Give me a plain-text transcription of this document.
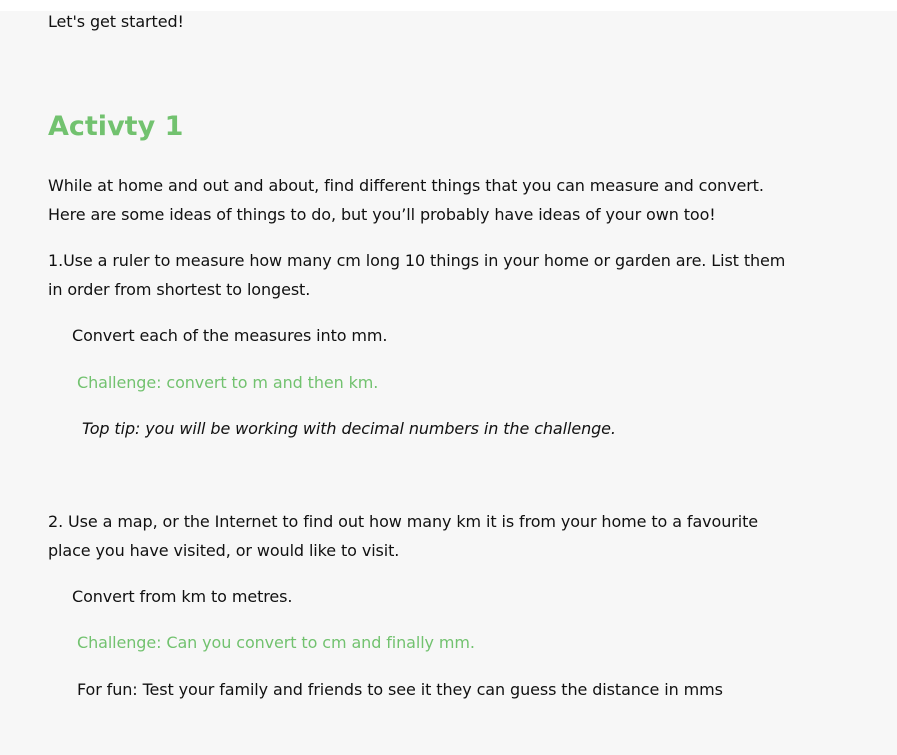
Let's get started!
Activty 1
While at home and out and about, find different things that you can measure and convert.
Here are some ideas of things to do, but you’ll probably have ideas of your own too!
1.Use a ruler to measure how many cm long 10 things in your home or garden are. List them
in order from shortest to longest.
Convert each of the measures into mm.
Challenge: convert to m and then km.
Top tip: you will be working with decimal numbers in the challenge.
2. Use a map, or the Internet to find out how many km it is from your home to a favourite
place you have visited, or would like to visit.
Convert from km to metres.
Challenge: Can you convert to cm and finally mm.
For fun: Test your family and friends to see it they can guess the distance in mms
